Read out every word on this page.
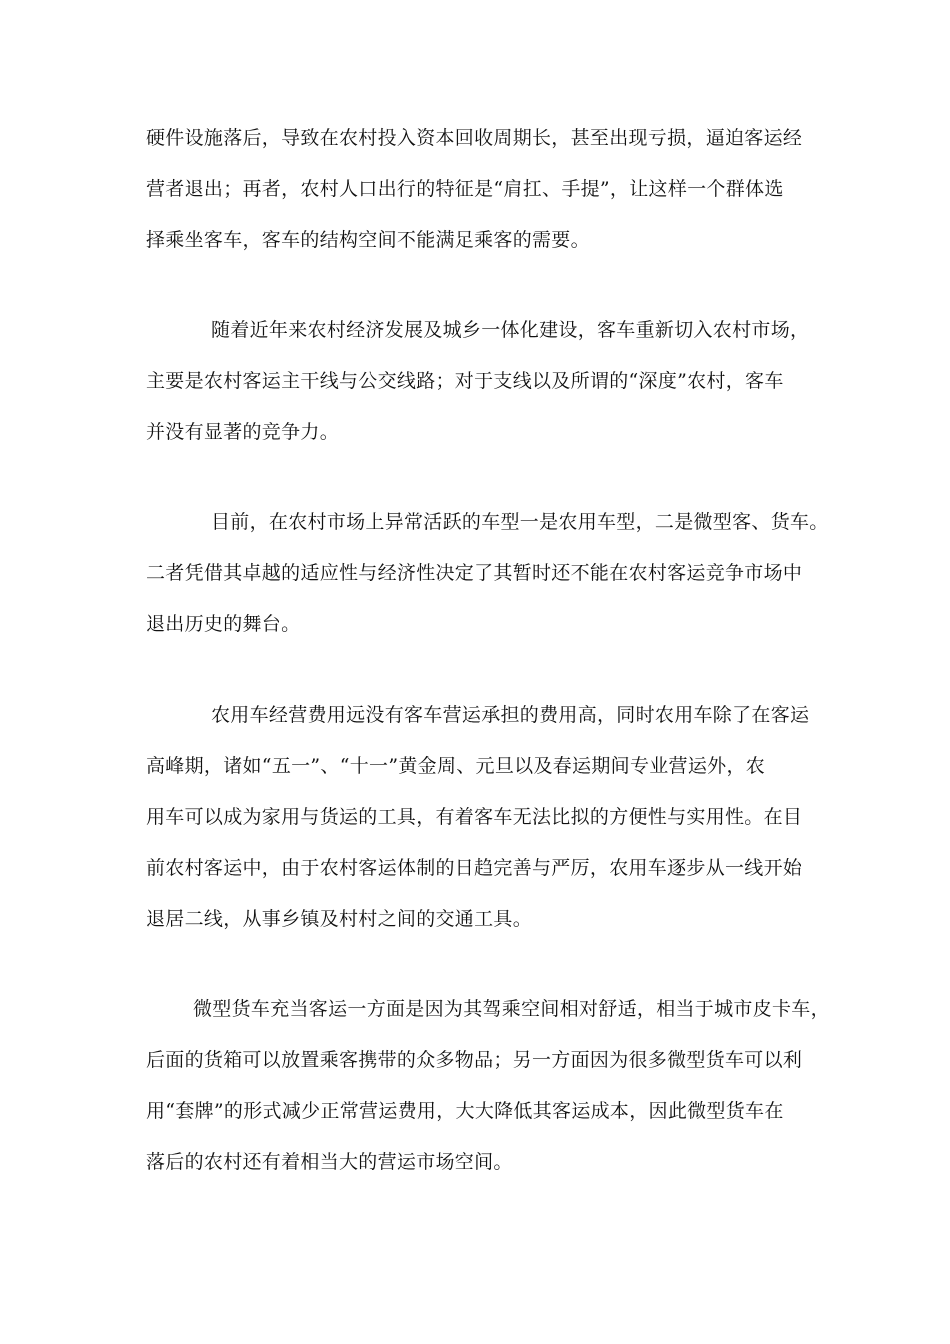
硬件设施落后，导致在农村投入资本回收周期长，甚至出现亏损，逼迫客运经
营者退出；再者，农村人口出行的特征是“肩扛、手提”，让这样一个群体选
择乘坐客车，客车的结构空间不能满足乘客的需要。
随着近年来农村经济发展及城乡一体化建设，客车重新切入农村市场，
主要是农村客运主干线与公交线路；对于支线以及所谓的“深度”农村，客车
并没有显著的竞争力。
目前，在农村市场上异常活跃的车型一是农用车型，二是微型客、货车。
二者凭借其卓越的适应性与经济性决定了其暂时还不能在农村客运竞争市场中
退出历史的舞台。
农用车经营费用远没有客车营运承担的费用高，同时农用车除了在客运
高峰期，诸如“五一”、“十一”黄金周、元旦以及春运期间专业营运外，农
用车可以成为家用与货运的工具，有着客车无法比拟的方便性与实用性。在目
前农村客运中，由于农村客运体制的日趋完善与严厉，农用车逐步从一线开始
退居二线，从事乡镇及村村之间的交通工具。
微型货车充当客运一方面是因为其驾乘空间相对舒适，相当于城市皮卡车，
后面的货箱可以放置乘客携带的众多物品；另一方面因为很多微型货车可以利
用“套牌”的形式减少正常营运费用，大大降低其客运成本，因此微型货车在
落后的农村还有着相当大的营运市场空间。
